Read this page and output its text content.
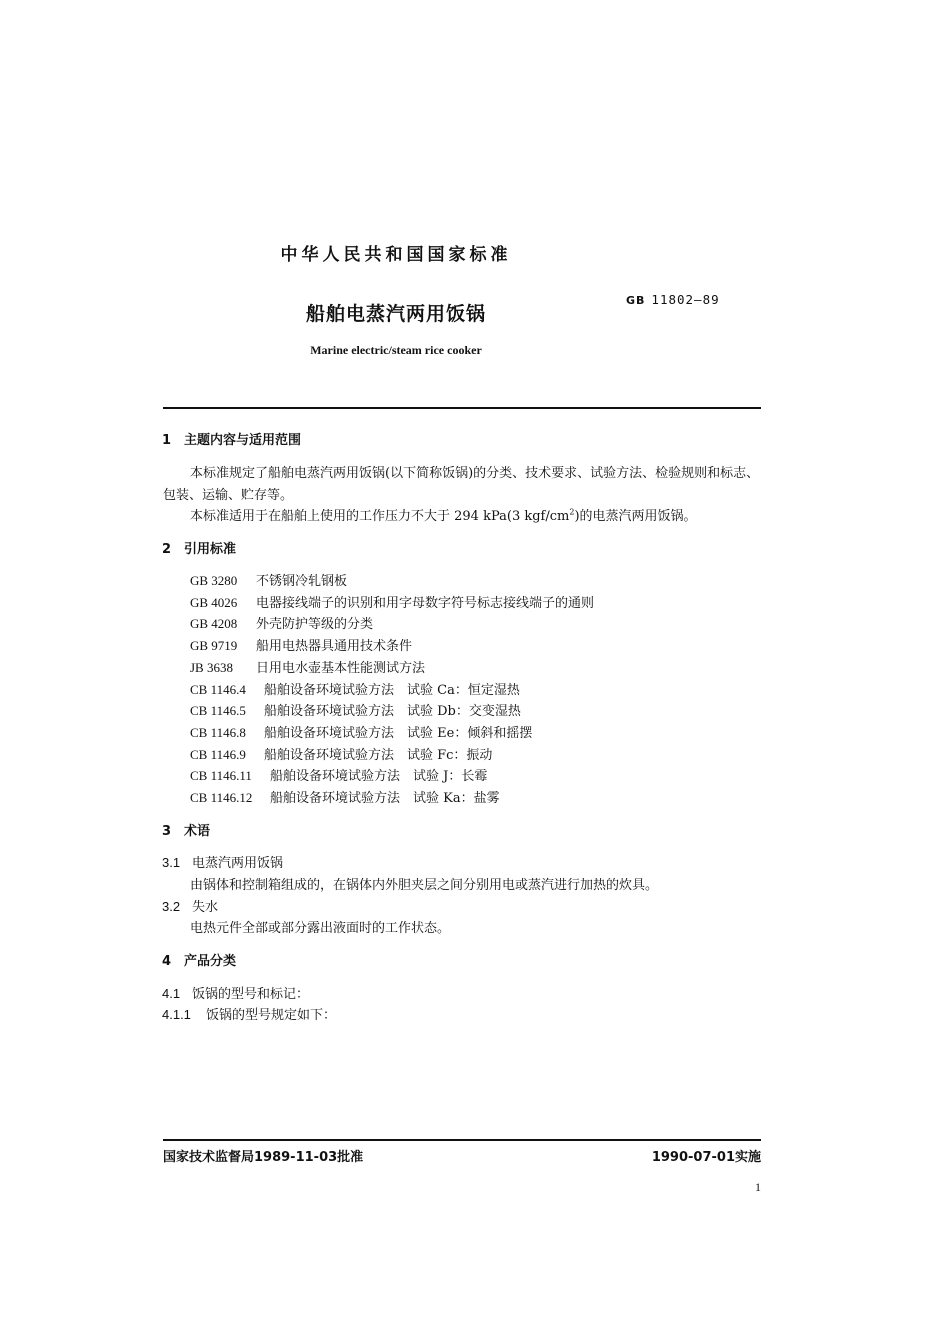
中华人民共和国国家标准
船舶电蒸汽两用饭锅
GB 11802—89
Marine electric/steam rice cooker
1 主题内容与适用范围
本标准规定了船舶电蒸汽两用饭锅(以下简称饭锅)的分类、技术要求、试验方法、检验规则和标志、
包装、运输、贮存等。
本标准适用于在船舶上使用的工作压力不大于 294 kPa(3 kgf/$cm^2$)的电蒸汽两用饭锅。
2 引用标准
GB 3280 不锈钢冷轧钢板
GB 4026 电器接线端子的识别和用字母数字符号标志接线端子的通则
GB 4208 外壳防护等级的分类
GB 9719 船用电热器具通用技术条件
JB 3638 日用电水壶基本性能测试方法
CB 1146.4 船舶设备环境试验方法　试验 Ca：恒定湿热
CB 1146.5 船舶设备环境试验方法　试验 Db：交变湿热
CB 1146.8 船舶设备环境试验方法　试验 Ee：倾斜和摇摆
CB 1146.9 船舶设备环境试验方法　试验 Fc：振动
CB 1146.11 船舶设备环境试验方法　试验 J：长霉
CB 1146.12 船舶设备环境试验方法　试验 Ka：盐雾
3 术语
3.1 电蒸汽两用饭锅
由锅体和控制箱组成的，在锅体内外胆夹层之间分别用电或蒸汽进行加热的炊具。
3.2 失水
电热元件全部或部分露出液面时的工作状态。
4 产品分类
4.1 饭锅的型号和标记：
4.1.1 饭锅的型号规定如下：
国家技术监督局1989-11-03批准	1990-07-01实施
1
